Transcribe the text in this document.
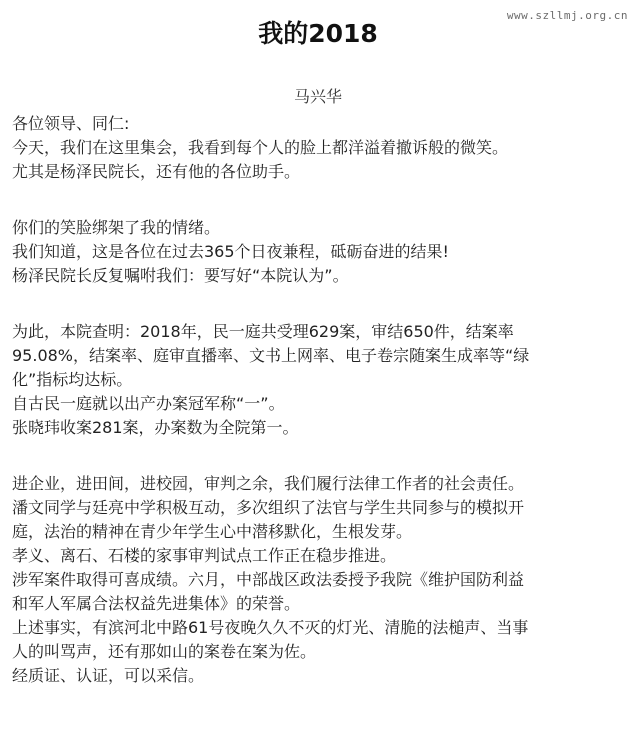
www.szllmj.org.cn
我的2018
马兴华
各位领导、同仁:
今天，我们在这里集会，我看到每个人的脸上都洋溢着撤诉般的微笑。
尤其是杨泽民院长，还有他的各位助手。
你们的笑脸绑架了我的情绪。
我们知道，这是各位在过去365个日夜兼程，砥砺奋进的结果!
杨泽民院长反复嘱咐我们：要写好“本院认为”。
为此，本院查明：2018年，民一庭共受理629案，审结650件，结案率
95.08%，结案率、庭审直播率、文书上网率、电子卷宗随案生成率等“绿
化”指标均达标。
自古民一庭就以出产办案冠军称“一”。
张晓玮收案281案，办案数为全院第一。
进企业，进田间，进校园，审判之余，我们履行法律工作者的社会责任。
潘文同学与廷亮中学积极互动，多次组织了法官与学生共同参与的模拟开
庭，法治的精神在青少年学生心中潜移默化，生根发芽。
孝义、离石、石楼的家事审判试点工作正在稳步推进。
涉军案件取得可喜成绩。六月，中部战区政法委授予我院《维护国防利益
和军人军属合法权益先进集体》的荣誉。
上述事实，有滨河北中路61号夜晚久久不灭的灯光、清脆的法槌声、当事
人的叫骂声，还有那如山的案卷在案为佐。
经质证、认证，可以采信。
